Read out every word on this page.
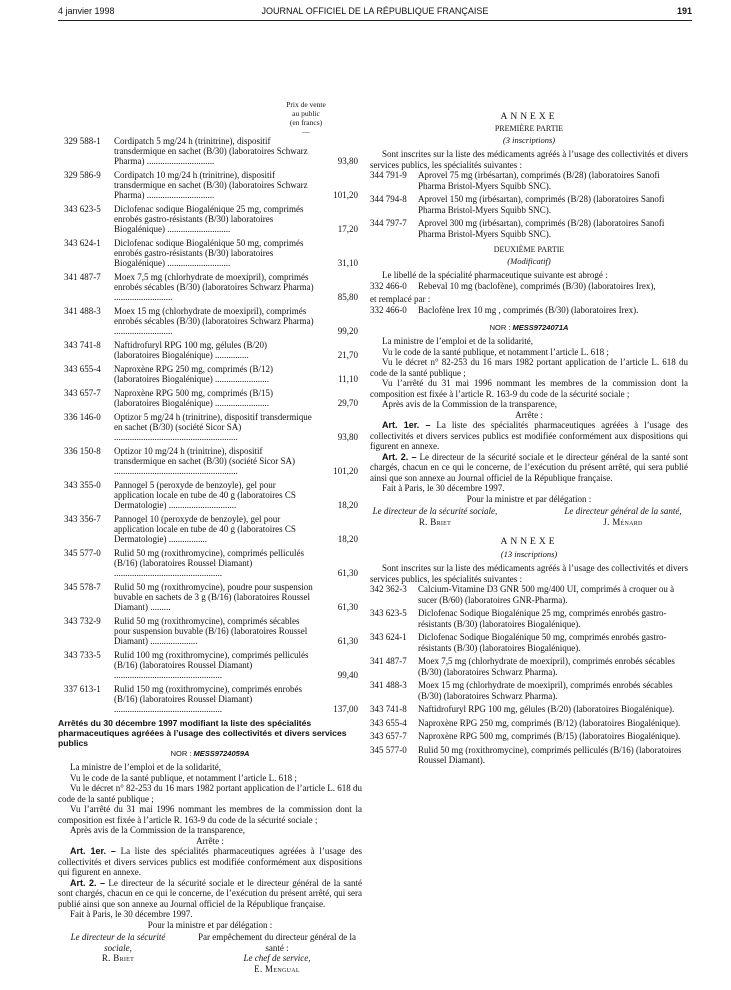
4 janvier 1998	JOURNAL OFFICIEL DE LA RÉPUBLIQUE FRANÇAISE	191
Prix de vente
au public
(en francs)
—
329 588-1	Cordipatch 5 mg/24 h (trinitrine), dispositif transdermique en sachet (B/30) (laboratoires Schwarz Pharma) ..............................	93,80
329 586-9	Cordipatch 10 mg/24 h (trinitrine), dispositif transdermique en sachet (B/30) (laboratoires Schwarz Pharma) ..............................	101,20
343 623-5	Diclofenac sodique Biogalénique 25 mg, comprimés enrobés gastro-résistants (B/30) laboratoires Biogalénique) ............................	17,20
343 624-1	Diclofenac sodique Biogalénique 50 mg, comprimés enrobés gastro-résistants (B/30) laboratoires Biogalénique) ............................	31,10
341 487-7	Moex 7,5 mg (chlorhydrate de moexipril), comprimés enrobés sécables (B/30) (laboratoires Schwarz Pharma) ..........................	85,80
341 488-3	Moex 15 mg (chlorhydrate de moexipril), comprimés enrobés sécables (B/30) (laboratoires Schwarz Pharma) ..........................	99,20
343 741-8	Naftidrofuryl RPG 100 mg, gélules (B/20) (laboratoires Biogalénique) ...............	21,70
343 655-4	Naproxène RPG 250 mg, comprimés (B/12) (laboratoires Biogalénique) ........................	11,10
343 657-7	Naproxène RPG 500 mg, comprimés (B/15) (laboratoires Biogalénique) ........................	29,70
336 146-0	Optizor 5 mg/24 h (trinitrine), dispositif transdermique en sachet (B/30) (société Sicor SA) .......................................................	93,80
336 150-8	Optizor 10 mg/24 h (trinitrine), dispositif transdermique en sachet (B/30) (société Sicor SA) .......................................................	101,20
343 355-0	Pannogel 5 (peroxyde de benzoyle), gel pour application locale en tube de 40 g (laboratoires CS Dermatologie) ..............................	18,20
343 356-7	Pannogel 10 (peroxyde de benzoyle), gel pour application locale en tube de 40 g (laboratoires CS Dermatologie) .................	18,20
345 577-0	Rulid 50 mg (roxithromycine), comprimés pelliculés (B/16) (laboratoires Roussel Diamant) ................................................	61,30
345 578-7	Rulid 50 mg (roxithromycine), poudre pour suspension buvable en sachets de 3 g (B/16) (laboratoires Roussel Diamant) .........	61,30
343 732-9	Rulid 50 mg (roxithromycine), comprimés sécables pour suspension buvable (B/16) (laboratoires Roussel Diamant) .....................	61,30
343 733-5	Rulid 100 mg (roxithromycine), comprimés pelliculés (B/16) (laboratoires Roussel Diamant) ................................................	99,40
337 613-1	Rulid 150 mg (roxithromycine), comprimés enrobés (B/16) (laboratoires Roussel Diamant) ................................................	137,00
Arrêtés du 30 décembre 1997 modifiant la liste des spécialités pharmaceutiques agréées à l’usage des collectivités et divers services publics
NOR : MESS9724059A
La ministre de l’emploi et de la solidarité,
Vu le code de la santé publique, et notamment l’article L. 618 ;
Vu le décret n° 82-253 du 16 mars 1982 portant application de l’article L. 618 du code de la santé publique ;
Vu l’arrêté du 31 mai 1996 nommant les membres de la commission dont la composition est fixée à l’article R. 163-9 du code de la sécurité sociale ;
Après avis de la Commission de la transparence,
Arrête :
Art. 1er. – La liste des spécialités pharmaceutiques agréées à l’usage des collectivités et divers services publics est modifiée conformément aux dispositions qui figurent en annexe.
Art. 2. – Le directeur de la sécurité sociale et le directeur général de la santé sont chargés, chacun en ce qui le concerne, de l’exécution du présent arrêté, qui sera publié ainsi que son annexe au Journal officiel de la République française.
Fait à Paris, le 30 décembre 1997.
Pour la ministre et par délégation :
Le directeur de la sécurité sociale,
R. Briet
Par empêchement du directeur général de la santé :
Le chef de service,
E. Mengual
ANNEXE
PREMIÈRE PARTIE
(3 inscriptions)
Sont inscrites sur la liste des médicaments agréés à l’usage des collectivités et divers services publics, les spécialités suivantes :
344 791-9	Aprovel 75 mg (irbésartan), comprimés (B/28) (laboratoires Sanofi Pharma Bristol-Myers Squibb SNC).
344 794-8	Aprovel 150 mg (irbésartan), comprimés (B/28) (laboratoires Sanofi Pharma Bristol-Myers Squibb SNC).
344 797-7	Aprovel 300 mg (irbésartan), comprimés (B/28) (laboratoires Sanofi Pharma Bristol-Myers Squibb SNC).
DEUXIÈME PARTIE
(Modificatif)
Le libellé de la spécialité pharmaceutique suivante est abrogé :
332 466-0	Rebeval 10 mg (baclofène), comprimés (B/30) (laboratoires Irex),
et remplacé par :
332 466-0	Baclofène Irex 10 mg , comprimés (B/30) (laboratoires Irex).
NOR : MESS9724071A
La ministre de l’emploi et de la solidarité,
Vu le code de la santé publique, et notamment l’article L. 618 ;
Vu le décret n° 82-253 du 16 mars 1982 portant application de l’article L. 618 du code de la santé publique ;
Vu l’arrêté du 31 mai 1996 nommant les membres de la commission dont la composition est fixée à l’article R. 163-9 du code de la sécurité sociale ;
Après avis de la Commission de la transparence,
Arrête :
Art. 1er. – La liste des spécialités pharmaceutiques agréées à l’usage des collectivités et divers services publics est modifiée conformément aux dispositions qui figurent en annexe.
Art. 2. – Le directeur de la sécurité sociale et le directeur général de la santé sont chargés, chacun en ce qui le concerne, de l’exécution du présent arrêté, qui sera publié ainsi que son annexe au Journal officiel de la République française.
Fait à Paris, le 30 décembre 1997.
Pour la ministre et par délégation :
Le directeur de la sécurité sociale,
R. Briet
Le directeur général de la santé,
J. Ménard
ANNEXE
(13 inscriptions)
Sont inscrites sur la liste des médicaments agréés à l’usage des collectivités et divers services publics, les spécialités suivantes :
342 362-3	Calcium-Vitamine D3 GNR 500 mg/400 UI, comprimés à croquer ou à sucer (B/60) (laboratoires GNR-Pharma).
343 623-5	Diclofenac Sodique Biogalénique 25 mg, comprimés enrobés gastro-résistants (B/30) (laboratoires Biogalénique).
343 624-1	Diclofenac Sodique Biogalénique 50 mg, comprimés enrobés gastro-résistants (B/30) (laboratoires Biogalénique).
341 487-7	Moex 7,5 mg (chlorhydrate de moexipril), comprimés enrobés sécables (B/30) (laboratoires Schwarz Pharma).
341 488-3	Moex 15 mg (chlorhydrate de moexipril), comprimés enrobés sécables (B/30) (laboratoires Schwarz Pharma).
343 741-8	Naftidrofuryl RPG 100 mg, gélules (B/20) (laboratoires Biogalénique).
343 655-4	Naproxène RPG 250 mg, comprimés (B/12) (laboratoires Biogalénique).
343 657-7	Naproxène RPG 500 mg, comprimés (B/15) (laboratoires Biogalénique).
345 577-0	Rulid 50 mg (roxithromycine), comprimés pelliculés (B/16) (laboratoires Roussel Diamant).
